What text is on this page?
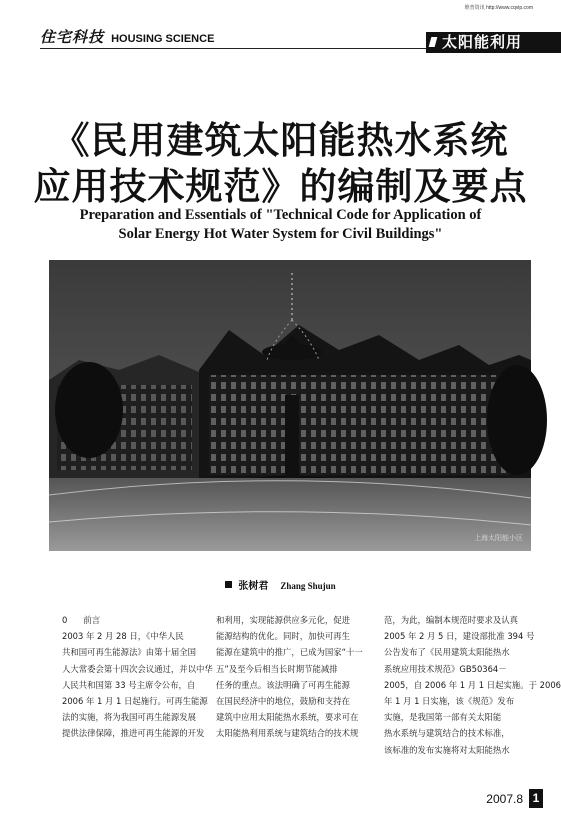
住宅科技 HOUSING SCIENCE
维普资讯 http://www.cqvip.com
太阳能利用
《民用建筑太阳能热水系统
应用技术规范》的编制及要点
Preparation and Essentials of "Technical Code for Application of
Solar Energy Hot Water System for Civil Buildings"
上海太阳能小区
张树君 Zhang Shujun
0 前言
2003 年 2 月 28 日，《中华人民
共和国可再生能源法》由第十届全国
人大常委会第十四次会议通过，并以中华
人民共和国第 33 号主席令公布，自
2006 年 1 月 1 日起施行。可再生能源
法的实施，将为我国可再生能源发展
提供法律保障，推进可再生能源的开发
和利用，实现能源供应多元化，促进
能源结构的优化。同时，加快可再生
能源在建筑中的推广，已成为国家“十一
五”及至今后相当长时期节能减排
任务的重点。该法明确了可再生能源
在国民经济中的地位，鼓励和支持在
建筑中应用太阳能热水系统，要求可在
太阳能热利用系统与建筑结合的技术规
范，为此，编制本规范时要求及认真
2005 年 2 月 5 日，建设部批准 394 号
公告发布了《民用建筑太阳能热水
系统应用技术规范》GB50364－
2005，自 2006 年 1 月 1 日起实施。于 2006
年 1 月 1 日实施，该《规范》发布
实施，是我国第一部有关太阳能
热水系统与建筑结合的技术标准，
该标准的发布实施将对太阳能热水
2007.8 1
